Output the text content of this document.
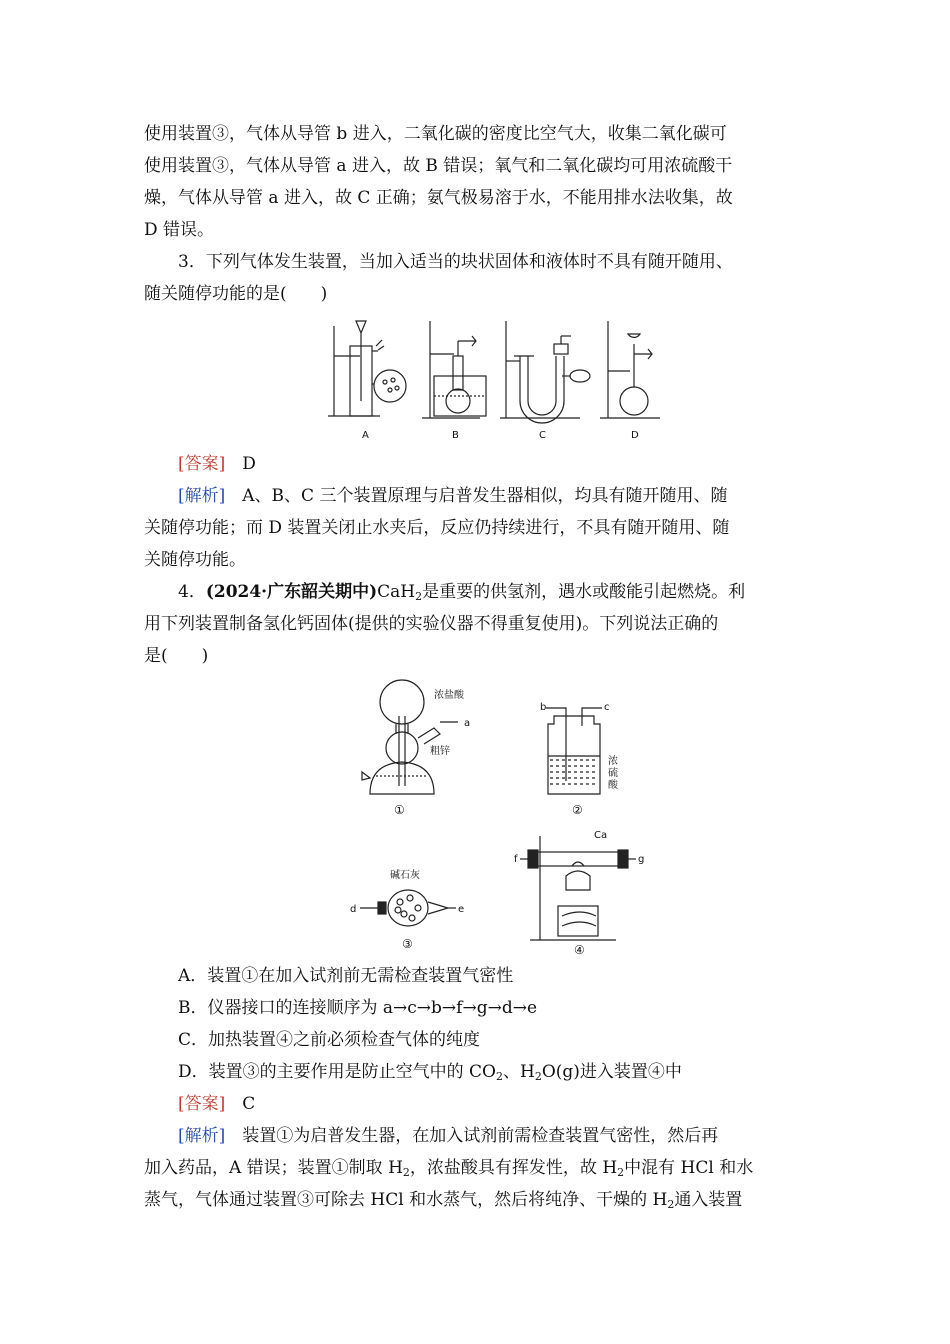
使用装置③，气体从导管 b 进入，二氧化碳的密度比空气大，收集二氧化碳可

使用装置③，气体从导管 a 进入，故 B 错误；氧气和二氧化碳均可用浓硫酸干

燥，气体从导管 a 进入，故 C 正确；氨气极易溶于水，不能用排水法收集，故

D 错误。

3．下列气体发生装置，当加入适当的块状固体和液体时不具有随开随用、

随关随停功能的是(　　)

A	B	C	D

[答案]　 D

[解析]　 A、B、C 三个装置原理与启普发生器相似，均具有随开随用、随

关随停功能；而 D 装置关闭止水夹后，反应仍持续进行，不具有随开随用、随

关随停功能。

4．(2024·广东韶关期中)CaH$_2$是重要的供氢剂，遇水或酸能引起燃烧。利

用下列装置制备氢化钙固体(提供的实验仪器不得重复使用)。下列说法正确的

是(　　)

浓盐酸
粗锌
a
b	c
浓
硫
酸
碱石灰
d	e
Ca
f	g
①	②
③	④

A．装置①在加入试剂前无需检查装置气密性

B．仪器接口的连接顺序为 a→c→b→f→g→d→e

C．加热装置④之前必须检查气体的纯度

D．装置③的主要作用是防止空气中的 $CO_2$、$H_2O(g)$进入装置④中

[答案]　 C

[解析]　 装置①为启普发生器，在加入试剂前需检查装置气密性，然后再

加入药品，A 错误；装置①制取 $H_2$，浓盐酸具有挥发性，故 $H_2$中混有 HCl 和水

蒸气，气体通过装置③可除去 HCl 和水蒸气，然后将纯净、干燥的 $H_2$通入装置
